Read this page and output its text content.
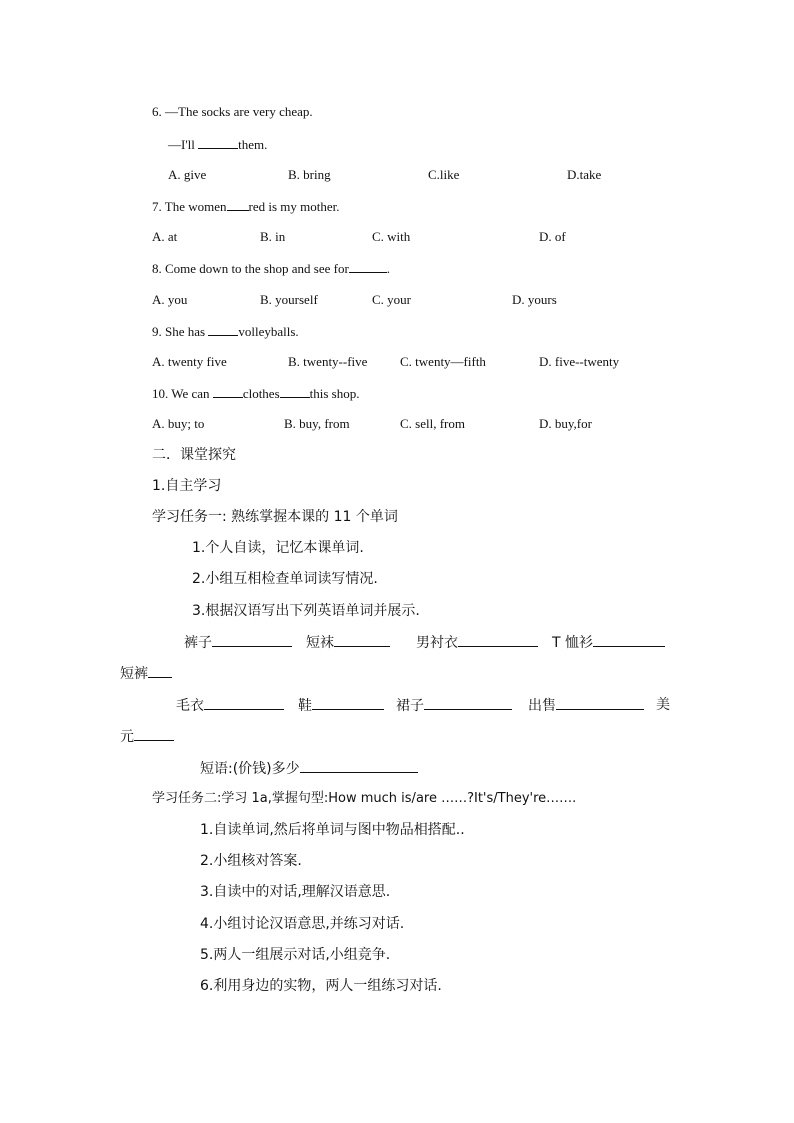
6. —The socks are very cheap.
—I'll	them.
A. give	B. bring	C.like	D.take
7. The women red is my mother.
A. at	B. in	C. with	D. of
8. Come down to the shop and see for	.
A. you	B. yourself	C. your	D. yours
9. She has	volleyballs.
A. twenty five	B. twenty--five	C. twenty—fifth	D. five--twenty
10. We can	clothes this shop.
A. buy; to	B. buy, from	C. sell, from	D. buy,for
二．课堂探究
1.自主学习
学习任务一: 熟练掌握本课的 11 个单词
1.个人自读，记忆本课单词.
2.小组互相检查单词读写情况.
3.根据汉语写出下列英语单词并展示.
裤子	短袜	男衬衣	T 恤衫
短裤
毛衣	鞋	裙子	出售	美
元
短语:(价钱)多少
学习任务二:学习 1a,掌握句型:How much is/are ……?It's/They're…….
1.自读单词,然后将单词与图中物品相搭配..
2.小组核对答案.
3.自读中的对话,理解汉语意思.
4.小组讨论汉语意思,并练习对话.
5.两人一组展示对话,小组竞争.
6.利用身边的实物，两人一组练习对话.
